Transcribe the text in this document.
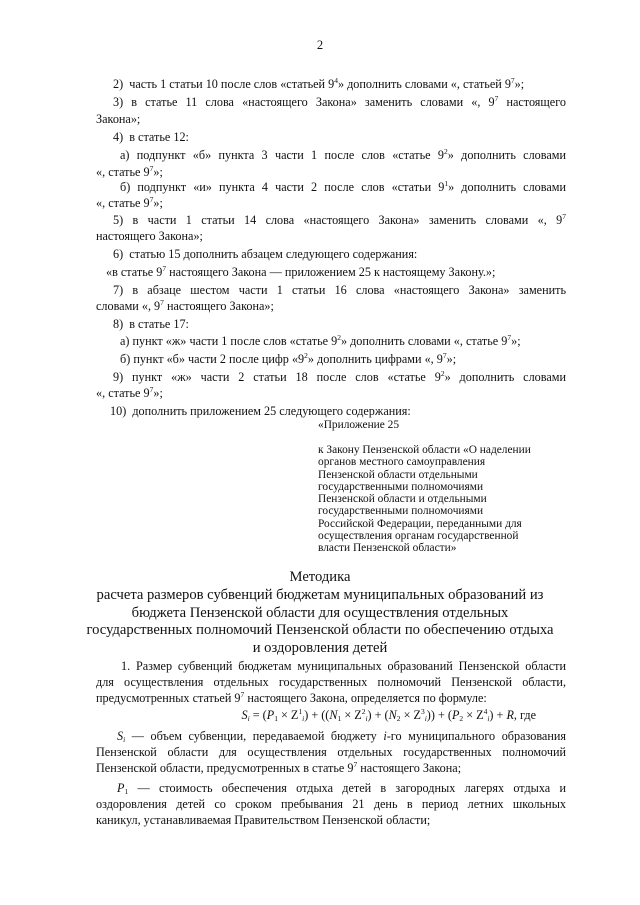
2
2) часть 1 статьи 10 после слов «статьей $9^4$» дополнить словами «, статьей $9^7$»;
3) в статье 11 слова «настоящего Закона» заменить словами «, $9^7$ настоящего
Закона»;
4) в статье 12:
а) подпункт «б» пункта 3 части 1 после слов «статье $9^2$» дополнить словами
«, статье $9^7$»;
б) подпункт «и» пункта 4 части 2 после слов «статьи $9^1$» дополнить словами
«, статье $9^7$»;
5) в части 1 статьи 14 слова «настоящего Закона» заменить словами «, $9^7$
настоящего Закона»;
6) статью 15 дополнить абзацем следующего содержания:
«в статье $9^7$ настоящего Закона — приложением 25 к настоящему Закону.»;
7) в абзаце шестом части 1 статьи 16 слова «настоящего Закона» заменить
словами «, $9^7$ настоящего Закона»;
8) в статье 17:
а) пункт «ж» части 1 после слов «статье $9^2$» дополнить словами «, статье $9^7$»;
б) пункт «б» части 2 после цифр «$9^2$» дополнить цифрами «, $9^7$»;
9) пункт «ж» части 2 статьи 18 после слов «статье $9^2$» дополнить словами
«, статье $9^7$»;
10) дополнить приложением 25 следующего содержания:
«Приложение 25
к Закону Пензенской области «О наделении
органов местного самоуправления
Пензенской области отдельными
государственными полномочиями
Пензенской области и отдельными
государственными полномочиями
Российской Федерации, переданными для
осуществления органам государственной
власти Пензенской области»
Методика
расчета размеров субвенций бюджетам муниципальных образований из
бюджета Пензенской области для осуществления отдельных
государственных полномочий Пензенской области по обеспечению отдыха
и оздоровления детей
1. Размер субвенций бюджетам муниципальных образований Пензенской области
для осуществления отдельных государственных полномочий Пензенской области,
предусмотренных статьей $9^7$ настоящего Закона, определяется по формуле:
$S_i = (P_1 \times Z^1_i) + ((N_1 \times Z^2_i) + (N_2 \times Z^3_i)) + (P_2 \times Z^4_i) + R$, где
$S_i$ — объем субвенции, передаваемой бюджету i-го муниципального образования
Пензенской области для осуществления отдельных государственных полномочий
Пензенской области, предусмотренных в статье $9^7$ настоящего Закона;
$P_1$ — стоимость обеспечения отдыха детей в загородных лагерях отдыха и
оздоровления детей со сроком пребывания 21 день в период летних школьных
каникул, устанавливаемая Правительством Пензенской области;
